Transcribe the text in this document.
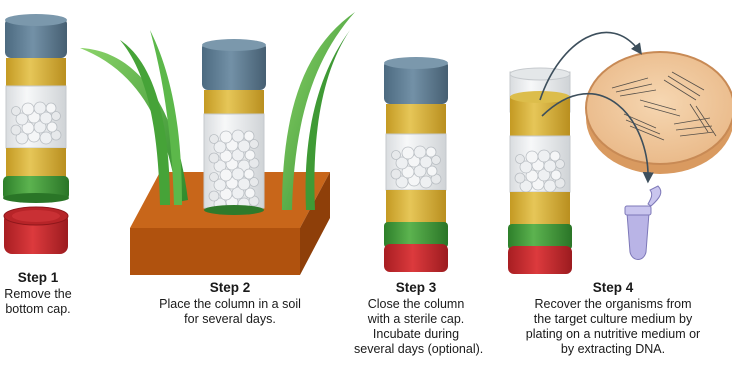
Step 1
Remove the
bottom cap.
Step 2
Place the column in a soil
for several days.
Step 3
Close the column
with a sterile cap.
Incubate during
several days (optional).
Step 4
Recover the organisms from
the target culture medium by
plating on a nutritive medium or
by extracting DNA.
